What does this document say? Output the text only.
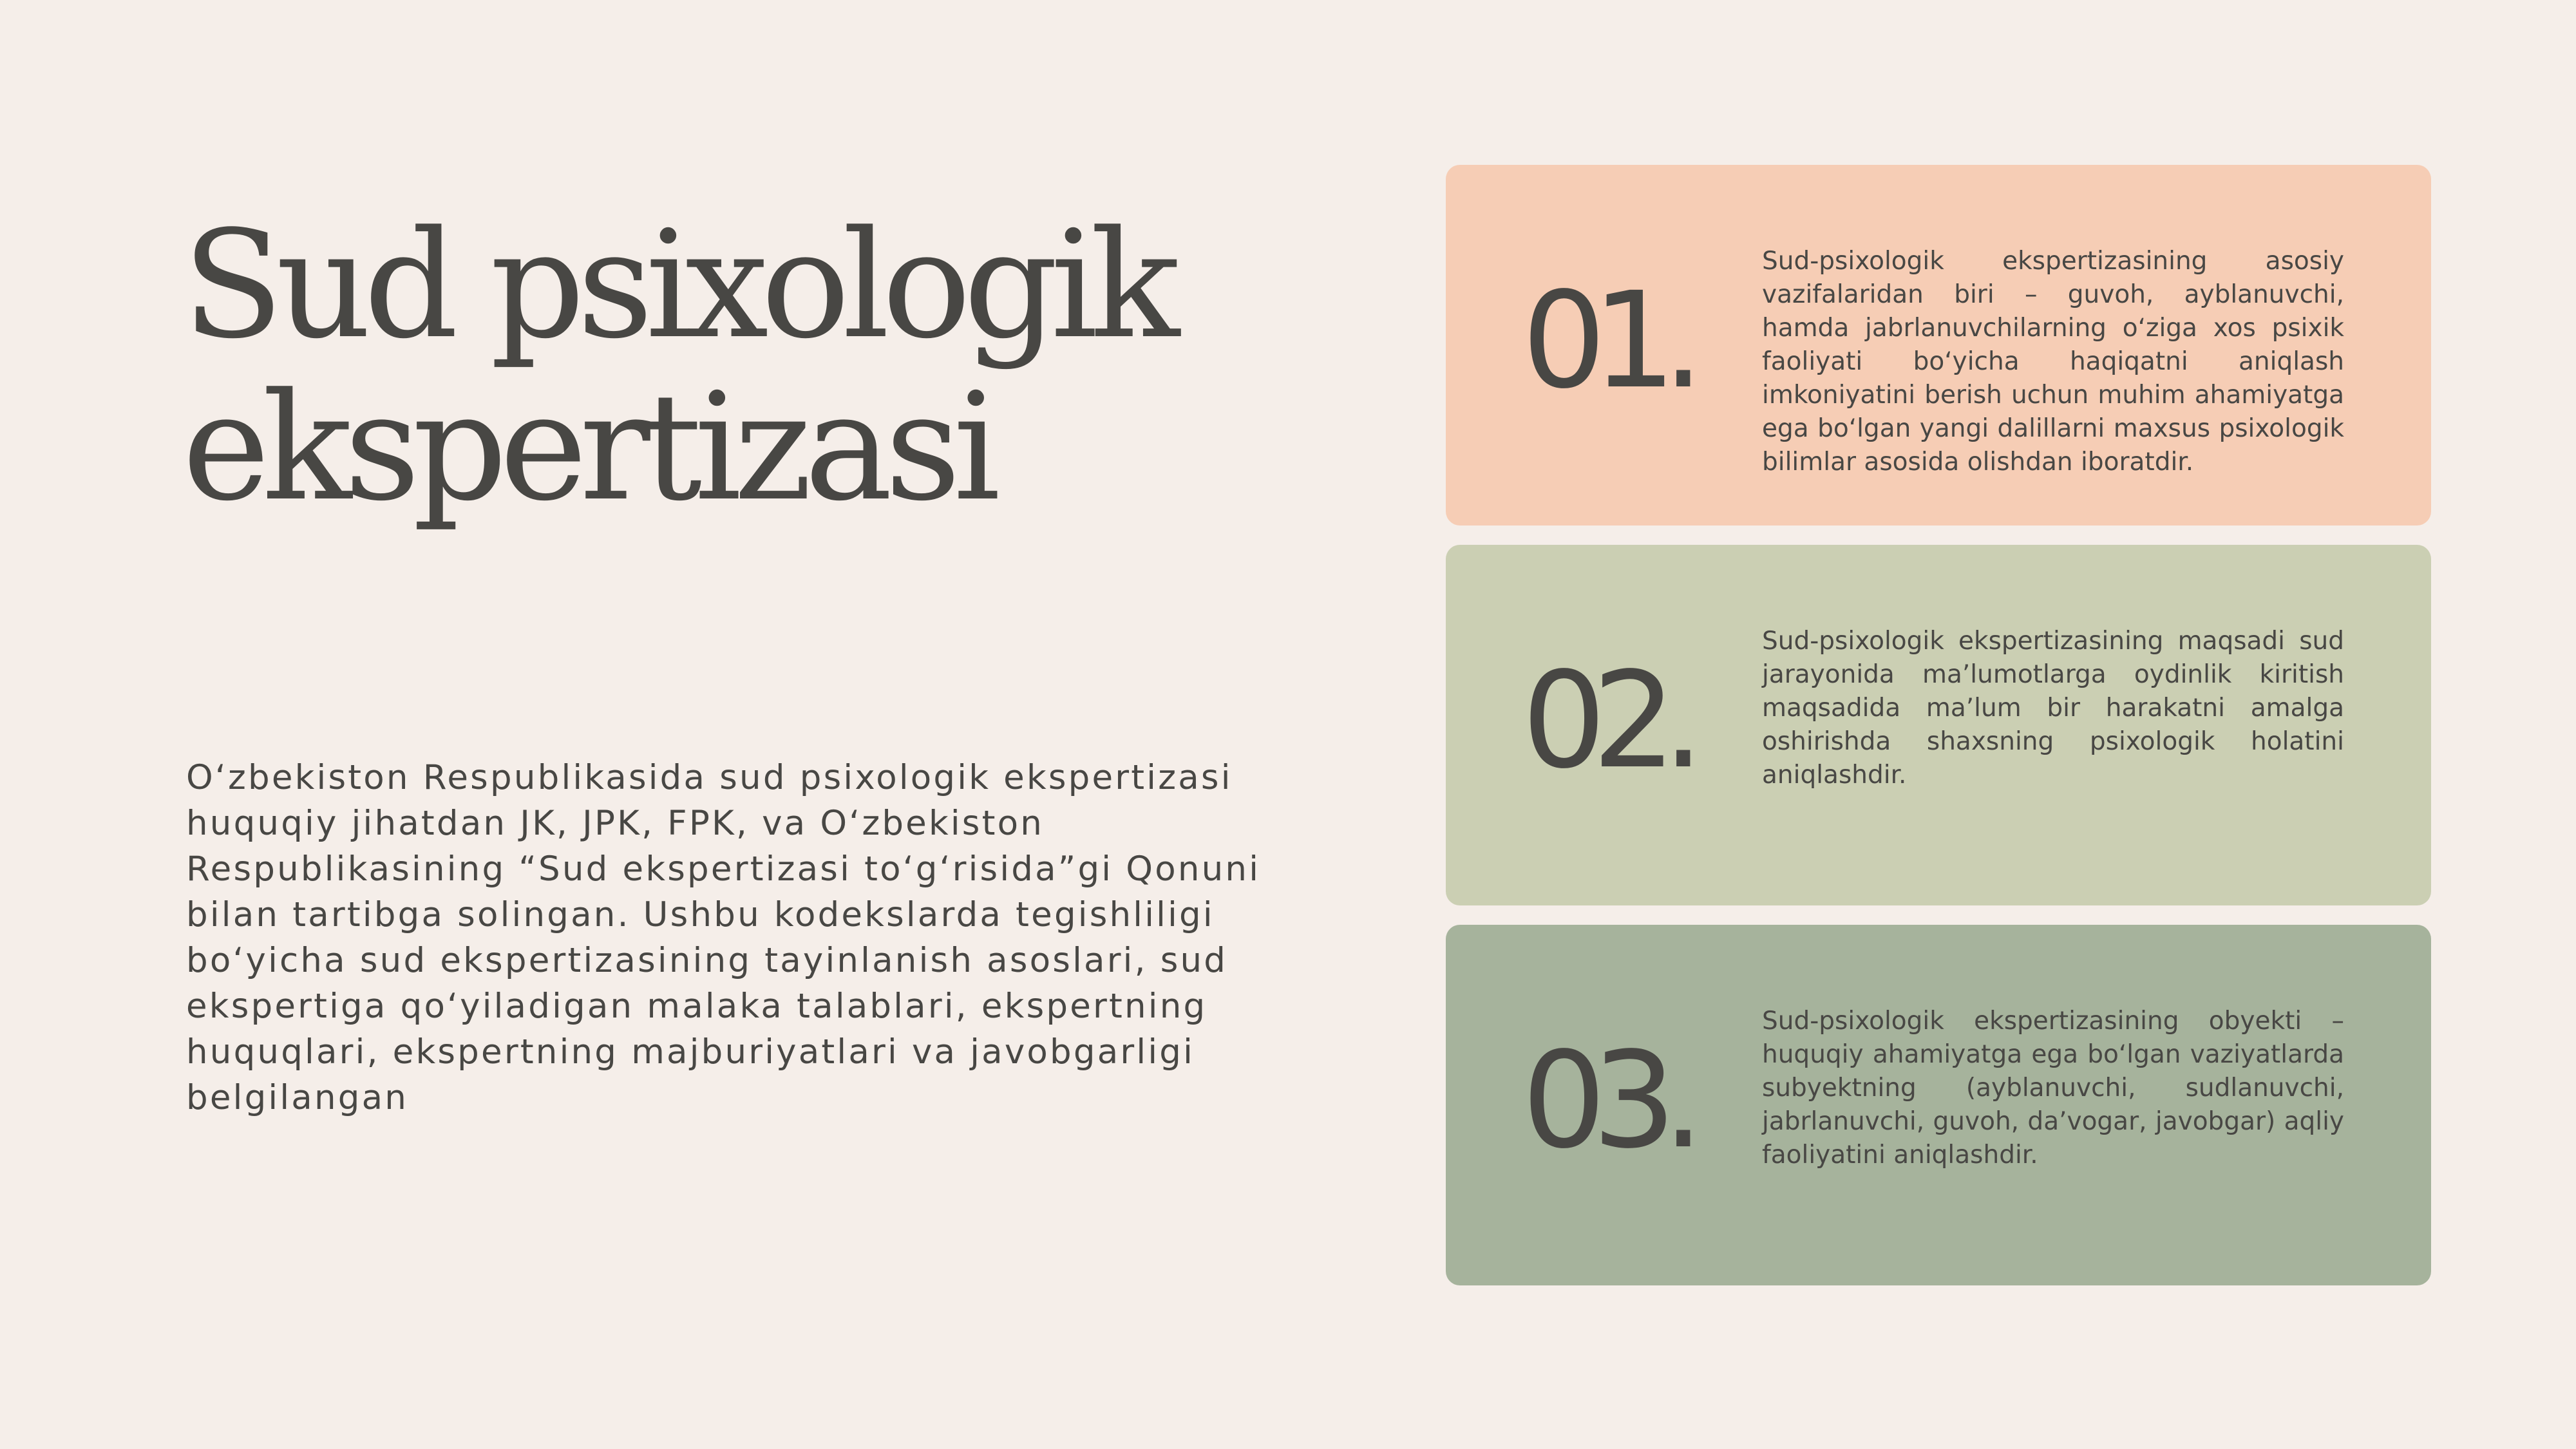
Sud psixologik
ekspertizasi

O‘zbekiston Respublikasida sud psixologik ekspertizasi huquqiy jihatdan JK, JPK, FPK, va O‘zbekiston Respublikasining “Sud ekspertizasi to‘g‘risida”gi Qonuni bilan tartibga solingan. Ushbu kodekslarda tegishliligi bo‘yicha sud ekspertizasining tayinlanish asoslari, sud ekspertiga qo‘yiladigan malaka talablari, ekspertning huquqlari, ekspertning majburiyatlari va javobgarligi belgilangan

01.

Sud-psixologik ekspertizasining asosiy vazifalaridan biri – guvoh, ayblanuvchi, hamda jabrlanuvchilarning o‘ziga xos psixik faoliyati bo‘yicha haqiqatni aniqlash imkoniyatini berish uchun muhim ahamiyatga ega bo‘lgan yangi dalillarni maxsus psixologik bilimlar asosida olishdan iboratdir.

02.

Sud-psixologik ekspertizasining maqsadi sud jarayonida ma’lumotlarga oydinlik kiritish maqsadida ma’lum bir harakatni amalga oshirishda shaxsning psixologik holatini aniqlashdir.

03.

Sud-psixologik ekspertizasining obyekti – huquqiy ahamiyatga ega bo‘lgan vaziyatlarda subyektning (ayblanuvchi, sudlanuvchi, jabrlanuvchi, guvoh, da’vogar, javobgar) aqliy faoliyatini aniqlashdir.
